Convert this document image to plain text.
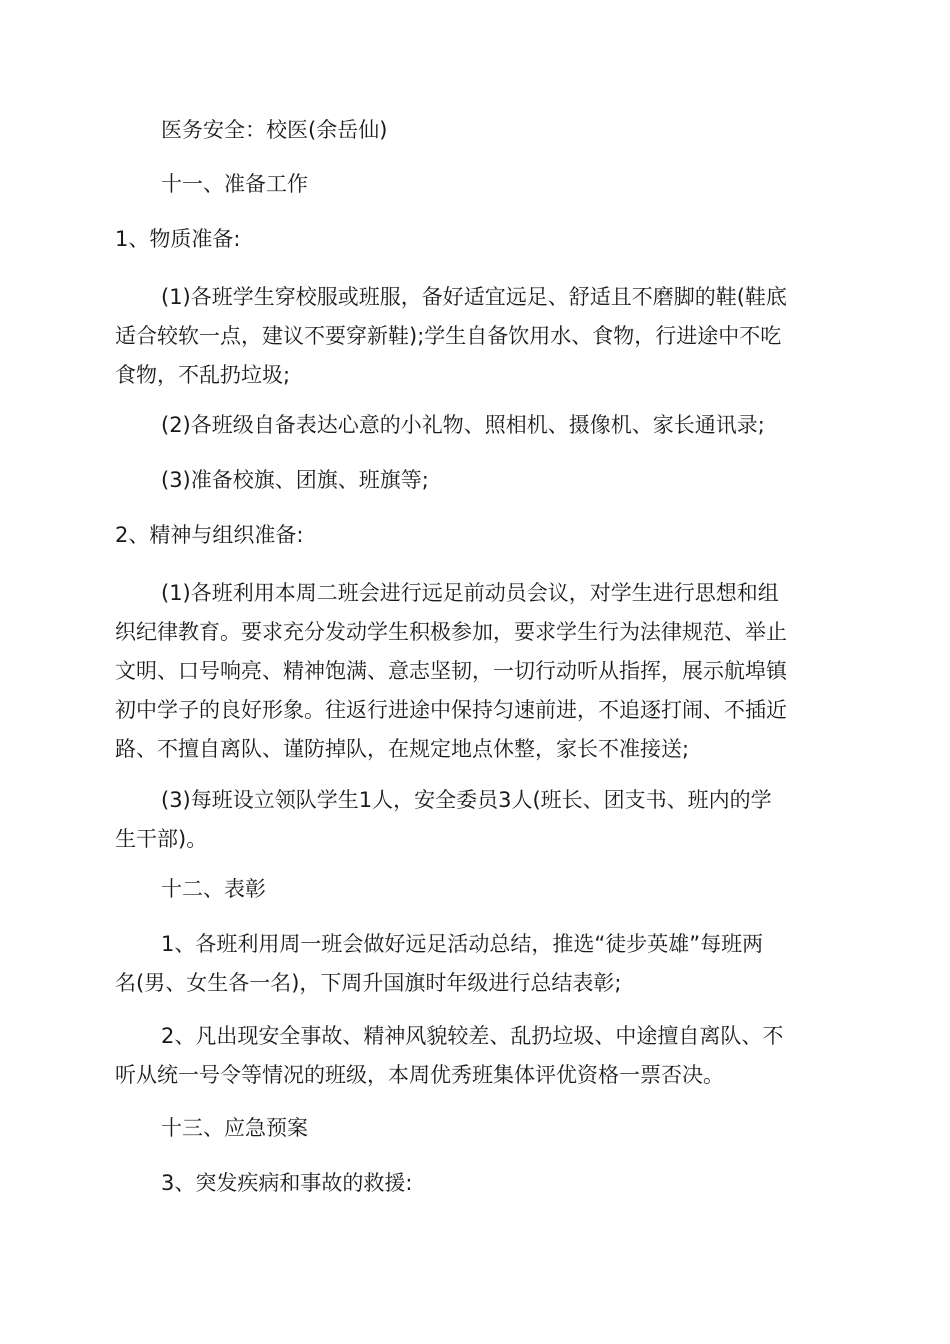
医务安全：校医(余岳仙)

十一、准备工作

1、物质准备:

(1)各班学生穿校服或班服，备好适宜远足、舒适且不磨脚的鞋(鞋底
适合较软一点，建议不要穿新鞋);学生自备饮用水、食物，行进途中不吃
食物，不乱扔垃圾;

(2)各班级自备表达心意的小礼物、照相机、摄像机、家长通讯录;

(3)准备校旗、团旗、班旗等;

2、精神与组织准备:

(1)各班利用本周二班会进行远足前动员会议，对学生进行思想和组
织纪律教育。要求充分发动学生积极参加，要求学生行为法律规范、举止
文明、口号响亮、精神饱满、意志坚韧，一切行动听从指挥，展示航埠镇
初中学子的良好形象。往返行进途中保持匀速前进，不追逐打闹、不插近
路、不擅自离队、谨防掉队，在规定地点休整，家长不准接送;

(3)每班设立领队学生1人，安全委员3人(班长、团支书、班内的学
生干部)。

十二、表彰

1、各班利用周一班会做好远足活动总结，推选“徒步英雄”每班两
名(男、女生各一名)，下周升国旗时年级进行总结表彰;

2、凡出现安全事故、精神风貌较差、乱扔垃圾、中途擅自离队、不
听从统一号令等情况的班级，本周优秀班集体评优资格一票否决。

十三、应急预案

3、突发疾病和事故的救援:
